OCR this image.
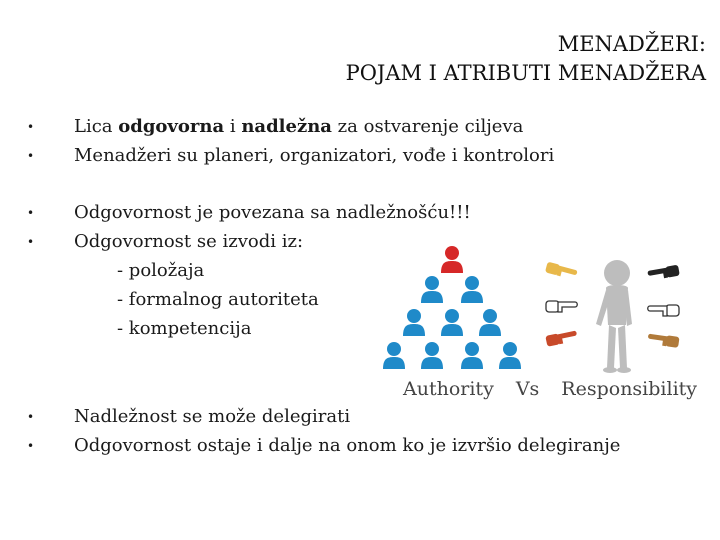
MENADŽERI:
POJAM I ATRIBUTI MENADŽERA
• Lica odgovorna i nadležna za ostvarenje ciljeva
• Menadžeri su planeri, organizatori, vođe i kontrolori
• Odgovornost je povezana sa nadležnošću!!!
• Odgovornost se izvodi iz:
- položaja
- formalnog autoriteta
- kompetencija
• Nadležnost se može delegirati
• Odgovornost ostaje i dalje na onom ko je izvršio delegiranje
Authority Vs Responsibility
